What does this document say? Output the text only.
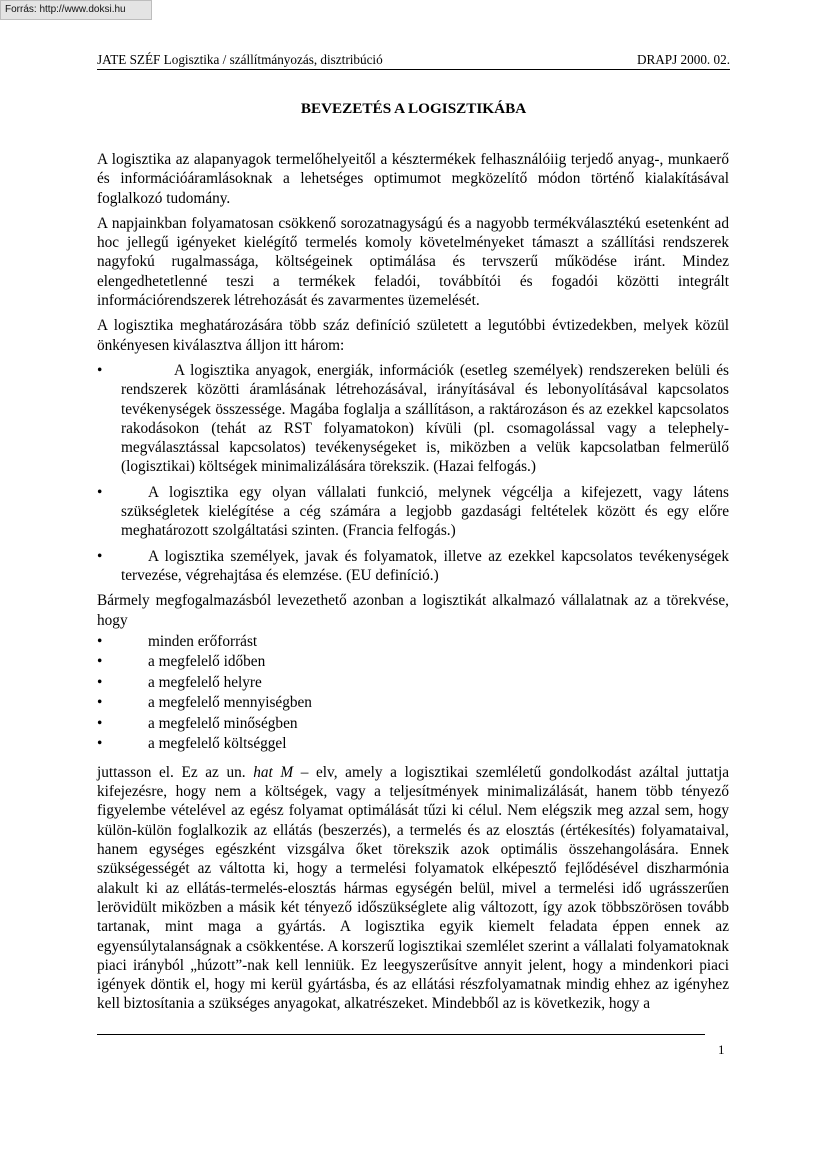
Forrás: http://www.doksi.hu
JATE SZÉF Logisztika / szállítmányozás, disztribúció	DRAPJ 2000. 02.
BEVEZETÉS A LOGISZTIKÁBA

A logisztika az alapanyagok termelőhelyeitől a késztermékek felhasználóiig terjedő anyag-, munkaerő és információáramlásoknak a lehetséges optimumot megközelítő módon történő kialakításával foglalkozó tudomány.

A napjainkban folyamatosan csökkenő sorozatnagyságú és a nagyobb termékválasztékú esetenként ad hoc jellegű igényeket kielégítő termelés komoly követelményeket támaszt a szállítási rendszerek nagyfokú rugalmassága, költségeinek optimálása és tervszerű működése iránt. Mindez elengedhetetlenné teszi a termékek feladói, továbbítói és fogadói közötti integrált információrendszerek létrehozását és zavarmentes üzemelését.

A logisztika meghatározására több száz definíció született a legutóbbi évtizedekben, melyek közül önkényesen kiválasztva álljon itt három:

•	A logisztika anyagok, energiák, információk (esetleg személyek) rendszereken belüli és rendszerek közötti áramlásának létrehozásával, irányításával és lebonyolításával kapcsolatos tevékenységek összessége. Magába foglalja a szállításon, a raktározáson és az ezekkel kapcsolatos rakodásokon (tehát az RST folyamatokon) kívüli (pl. csomagolással vagy a telephely-megválasztással kapcsolatos) tevékenységeket is, miközben a velük kapcsolatban felmerülő (logisztikai) költségek minimalizálására törekszik. (Hazai felfogás.)
•	A logisztika egy olyan vállalati funkció, melynek végcélja a kifejezett, vagy látens szükségletek kielégítése a cég számára a legjobb gazdasági feltételek között és egy előre meghatározott szolgáltatási szinten. (Francia felfogás.)
•	A logisztika személyek, javak és folyamatok, illetve az ezekkel kapcsolatos tevékenységek tervezése, végrehajtása és elemzése. (EU definíció.)

Bármely megfogalmazásból levezethető azonban a logisztikát alkalmazó vállalatnak az a törekvése, hogy

•	minden erőforrást
•	a megfelelő időben
•	a megfelelő helyre
•	a megfelelő mennyiségben
•	a megfelelő minőségben
•	a megfelelő költséggel

juttasson el. Ez az un. hat M – elv, amely a logisztikai szemléletű gondolkodást azáltal juttatja kifejezésre, hogy nem a költségek, vagy a teljesítmények minimalizálását, hanem több tényező figyelembe vételével az egész folyamat optimálását tűzi ki célul. Nem elégszik meg azzal sem, hogy külön-külön foglalkozik az ellátás (beszerzés), a termelés és az elosztás (értékesítés) folyamataival, hanem egységes egészként vizsgálva őket törekszik azok optimális összehangolására. Ennek szükségességét az váltotta ki, hogy a termelési folyamatok elképesztő fejlődésével diszharmónia alakult ki az ellátás-termelés-elosztás hármas egységén belül, mivel a termelési idő ugrásszerűen lerövidült miközben a másik két tényező időszükséglete alig változott, így azok többszörösen tovább tartanak, mint maga a gyártás. A logisztika egyik kiemelt feladata éppen ennek az egyensúlytalanságnak a csökkentése. A korszerű logisztikai szemlélet szerint a vállalati folyamatoknak piaci irányból „húzott”-nak kell lenniük. Ez leegyszerűsítve annyit jelent, hogy a mindenkori piaci igények döntik el, hogy mi kerül gyártásba, és az ellátási részfolyamatnak mindig ehhez az igényhez kell biztosítania a szükséges anyagokat, alkatrészeket. Mindebből az is következik, hogy a

1
